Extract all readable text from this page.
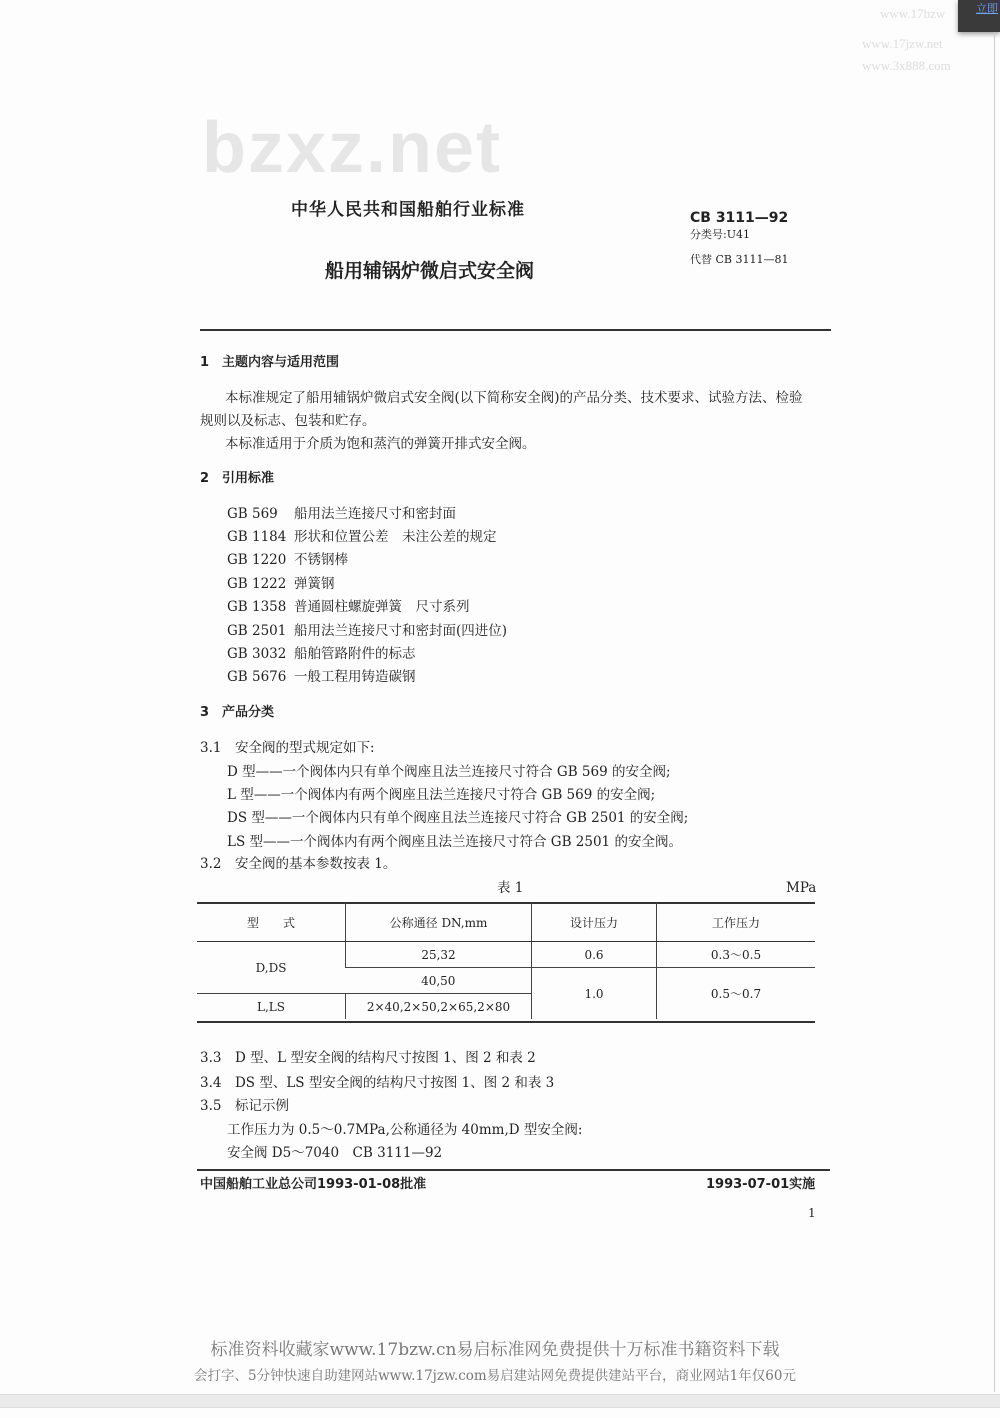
bzxz.net
www.17bzw
www.17jzw.net
www.3x888.com
立即
中华人民共和国船舶行业标准	CB 3111—92
分类号:U41
代替 CB 3111—81
船用辅锅炉微启式安全阀
1　主题内容与适用范围
本标准规定了船用辅锅炉微启式安全阀(以下简称安全阀)的产品分类、技术要求、试验方法、检验
规则以及标志、包装和贮存。
本标准适用于介质为饱和蒸汽的弹簧开排式安全阀。
2　引用标准
GB 569 船用法兰连接尺寸和密封面
GB 1184 形状和位置公差　未注公差的规定
GB 1220 不锈钢棒
GB 1222 弹簧钢
GB 1358 普通圆柱螺旋弹簧　尺寸系列
GB 2501 船用法兰连接尺寸和密封面(四进位)
GB 3032 船舶管路附件的标志
GB 5676 一般工程用铸造碳钢
3　产品分类
3.1　安全阀的型式规定如下:
D 型——一个阀体内只有单个阀座且法兰连接尺寸符合 GB 569 的安全阀;
L 型——一个阀体内有两个阀座且法兰连接尺寸符合 GB 569 的安全阀;
DS 型——一个阀体内只有单个阀座且法兰连接尺寸符合 GB 2501 的安全阀;
LS 型——一个阀体内有两个阀座且法兰连接尺寸符合 GB 2501 的安全阀。
3.2　安全阀的基本参数按表 1。
表 1	MPa
型　　式	公称通径 DN,mm	设计压力	工作压力
D,DS	25,32	0.6	0.3～0.5
	40,50	1.0	0.5～0.7
L,LS	2×40,2×50,2×65,2×80		
3.3　D 型、L 型安全阀的结构尺寸按图 1、图 2 和表 2
3.4　DS 型、LS 型安全阀的结构尺寸按图 1、图 2 和表 3
3.5　标记示例
工作压力为 0.5～0.7MPa,公称通径为 40mm,D 型安全阀:
安全阀 D5～7040　CB 3111—92
中国船舶工业总公司1993-01-08批准	1993-07-01实施
1
标准资料收藏家www.17bzw.cn易启标准网免费提供十万标准书籍资料下载
会打字、5分钟快速自助建网站www.17jzw.com易启建站网免费提供建站平台，商业网站1年仅60元
